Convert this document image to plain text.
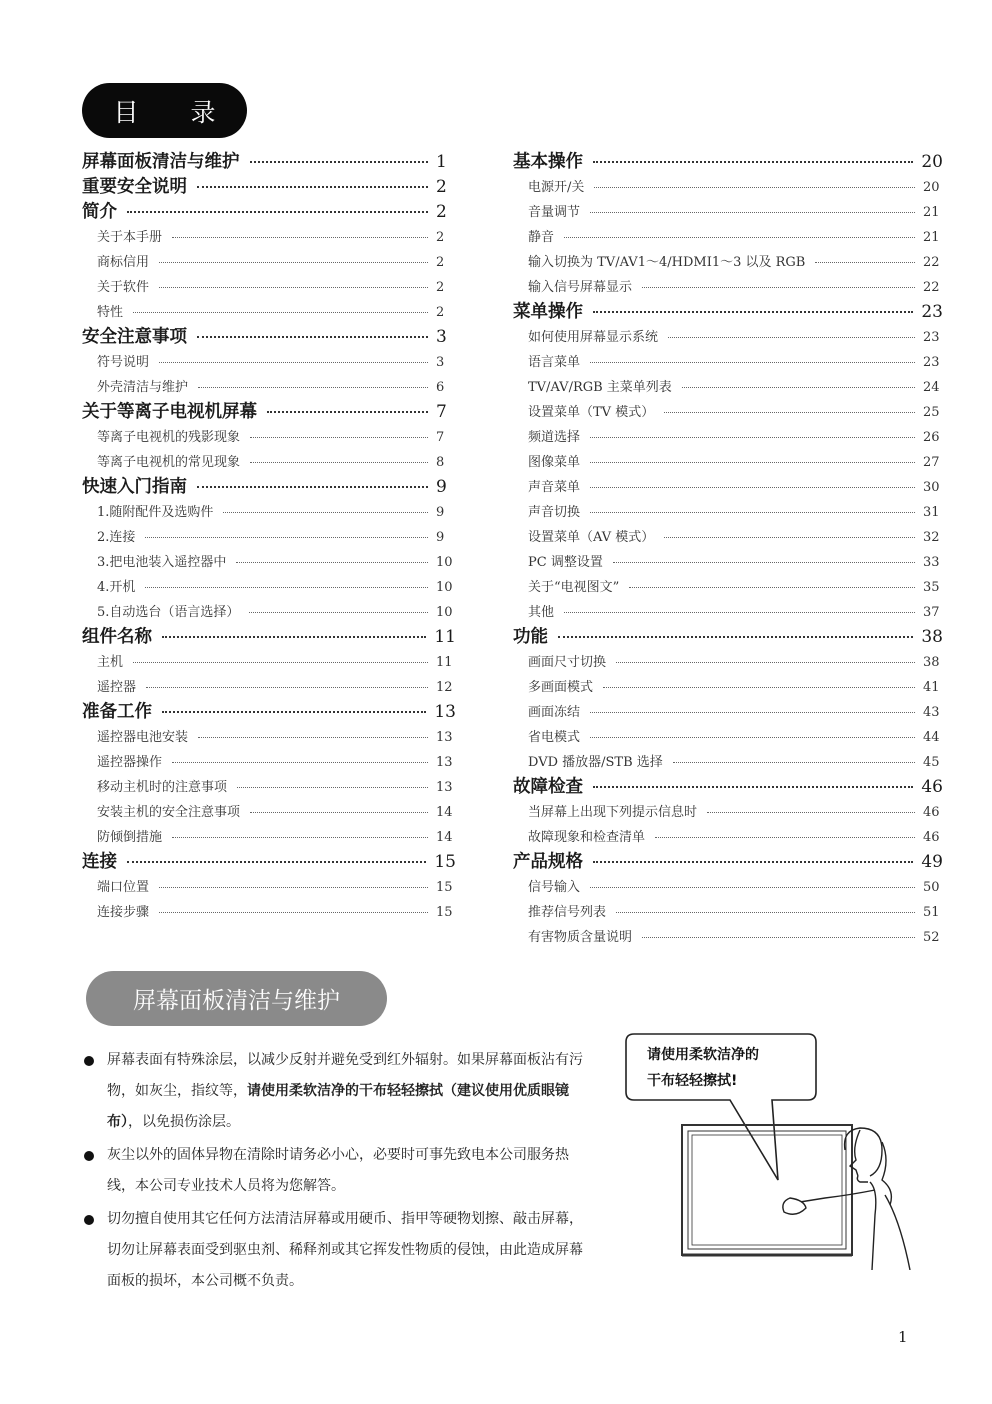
目 录
屏幕面板清洁与维护	1
重要安全说明	2
简介	2
关于本手册	2
商标信用	2
关于软件	2
特性	2
安全注意事项	3
符号说明	3
外壳清洁与维护	6
关于等离子电视机屏幕	7
等离子电视机的残影现象	7
等离子电视机的常见现象	8
快速入门指南	9
1.随附配件及选购件	9
2.连接	9
3.把电池装入遥控器中	10
4.开机	10
5.自动选台（语言选择）	10
组件名称	11
主机	11
遥控器	12
准备工作	13
遥控器电池安装	13
遥控器操作	13
移动主机时的注意事项	13
安装主机的安全注意事项	14
防倾倒措施	14
连接	15
端口位置	15
连接步骤	15
基本操作	20
电源开/关	20
音量调节	21
静音	21
输入切换为 TV/AV1～4/HDMI1～3 以及 RGB	22
输入信号屏幕显示	22
菜单操作	23
如何使用屏幕显示系统	23
语言菜单	23
TV/AV/RGB 主菜单列表	24
设置菜单（TV 模式）	25
频道选择	26
图像菜单	27
声音菜单	30
声音切换	31
设置菜单（AV 模式）	32
PC 调整设置	33
关于“电视图文”	35
其他	37
功能	38
画面尺寸切换	38
多画面模式	41
画面冻结	43
省电模式	44
DVD 播放器/STB 选择	45
故障检查	46
当屏幕上出现下列提示信息时	46
故障现象和检查清单	46
产品规格	49
信号输入	50
推荐信号列表	51
有害物质含量说明	52
屏幕面板清洁与维护
屏幕表面有特殊涂层，以减少反射并避免受到红外辐射。如果屏幕面板沾有污物，如灰尘，指纹等，请使用柔软洁净的干布轻轻擦拭（建议使用优质眼镜布），以免损伤涂层。
灰尘以外的固体异物在清除时请务必小心，必要时可事先致电本公司服务热线，本公司专业技术人员将为您解答。
切勿擅自使用其它任何方法清洁屏幕或用硬币、指甲等硬物划擦、敲击屏幕，切勿让屏幕表面受到驱虫剂、稀释剂或其它挥发性物质的侵蚀，由此造成屏幕面板的损坏，本公司概不负责。
请使用柔软洁净的
干布轻轻擦拭!
1
